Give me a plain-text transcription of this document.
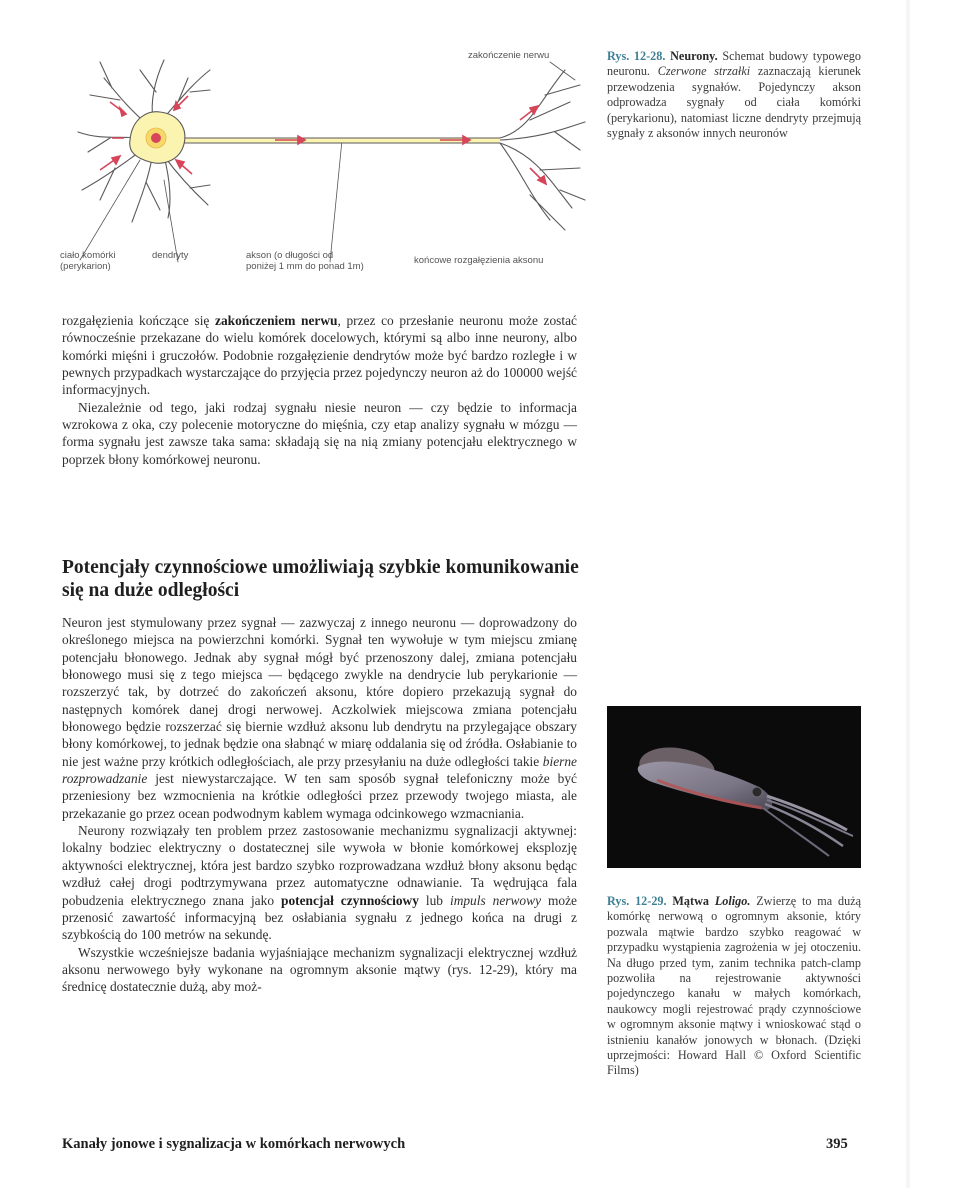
zakończenie nerwu
ciało komórki
(perykarion)
dendryty	akson (o długości od
poniżej 1 mm do ponad 1m)
końcowe rozgałęzienia aksonu
Rys. 12-28. Neurony. Schemat budowy typowego neuronu. Czerwone strzałki zaznaczają kierunek przewodzenia sygnałów. Pojedynczy akson odprowadza sygnały od ciała komórki (perykarionu), natomiast liczne dendryty przejmują sygnały z aksonów innych neuronów

rozgałęzienia kończące się zakończeniem nerwu, przez co przesłanie neuronu może zostać równocześnie przekazane do wielu komórek docelowych, którymi są albo inne neurony, albo komórki mięśni i gruczołów. Podobnie rozgałęzienie dendrytów może być bardzo rozległe i w pewnych przypadkach wystarczające do przyjęcia przez pojedynczy neuron aż do 100000 wejść informacyjnych.

Niezależnie od tego, jaki rodzaj sygnału niesie neuron — czy będzie to informacja wzrokowa z oka, czy polecenie motoryczne do mięśnia, czy etap analizy sygnału w mózgu — forma sygnału jest zawsze taka sama: składają się na nią zmiany potencjału elektrycznego w poprzek błony komórkowej neuronu.

Potencjały czynnościowe umożliwiają szybkie komunikowanie się na duże odległości

Neuron jest stymulowany przez sygnał — zazwyczaj z innego neuronu — doprowadzony do określonego miejsca na powierzchni komórki. Sygnał ten wywołuje w tym miejscu zmianę potencjału błonowego. Jednak aby sygnał mógł być przenoszony dalej, zmiana potencjału błonowego musi się z tego miejsca — będącego zwykle na dendrycie lub perykarionie — rozszerzyć tak, by dotrzeć do zakończeń aksonu, które dopiero przekazują sygnał do następnych komórek danej drogi nerwowej. Aczkolwiek miejscowa zmiana potencjału błonowego będzie rozszerzać się biernie wzdłuż aksonu lub dendrytu na przylegające obszary błony komórkowej, to jednak będzie ona słabnąć w miarę oddalania się od źródła. Osłabianie to nie jest ważne przy krótkich odległościach, ale przy przesyłaniu na duże odległości takie bierne rozprowadzanie jest niewystarczające. W ten sam sposób sygnał telefoniczny może być przeniesiony bez wzmocnienia na krótkie odległości przez przewody twojego miasta, ale przekazanie go przez ocean podwodnym kablem wymaga odcinkowego wzmacniania.

Neurony rozwiązały ten problem przez zastosowanie mechanizmu sygnalizacji aktywnej: lokalny bodziec elektryczny o dostatecznej sile wywoła w błonie komórkowej eksplozję aktywności elektrycznej, która jest bardzo szybko rozprowadzana wzdłuż błony aksonu będąc wzdłuż całej drogi podtrzymywana przez automatyczne odnawianie. Ta wędrująca fala pobudzenia elektrycznego znana jako potencjał czynnościowy lub impuls nerwowy może przenosić zawartość informacyjną bez osłabiania sygnału z jednego końca na drugi z szybkością do 100 metrów na sekundę.

Wszystkie wcześniejsze badania wyjaśniające mechanizm sygnalizacji elektrycznej wzdłuż aksonu nerwowego były wykonane na ogromnym aksonie mątwy (rys. 12-29), który ma średnicę dostatecznie dużą, aby moż-

Rys. 12-29. Mątwa Loligo. Zwierzę to ma dużą komórkę nerwową o ogromnym aksonie, który pozwala mątwie bardzo szybko reagować w przypadku wystąpienia zagrożenia w jej otoczeniu. Na długo przed tym, zanim technika patch-clamp pozwoliła na rejestrowanie aktywności pojedynczego kanału w małych komórkach, naukowcy mogli rejestrować prądy czynnościowe w ogromnym aksonie mątwy i wnioskować stąd o istnieniu kanałów jonowych w błonach. (Dzięki uprzejmości: Howard Hall © Oxford Scientific Films)
Kanały jonowe i sygnalizacja w komórkach nerwowych	395
